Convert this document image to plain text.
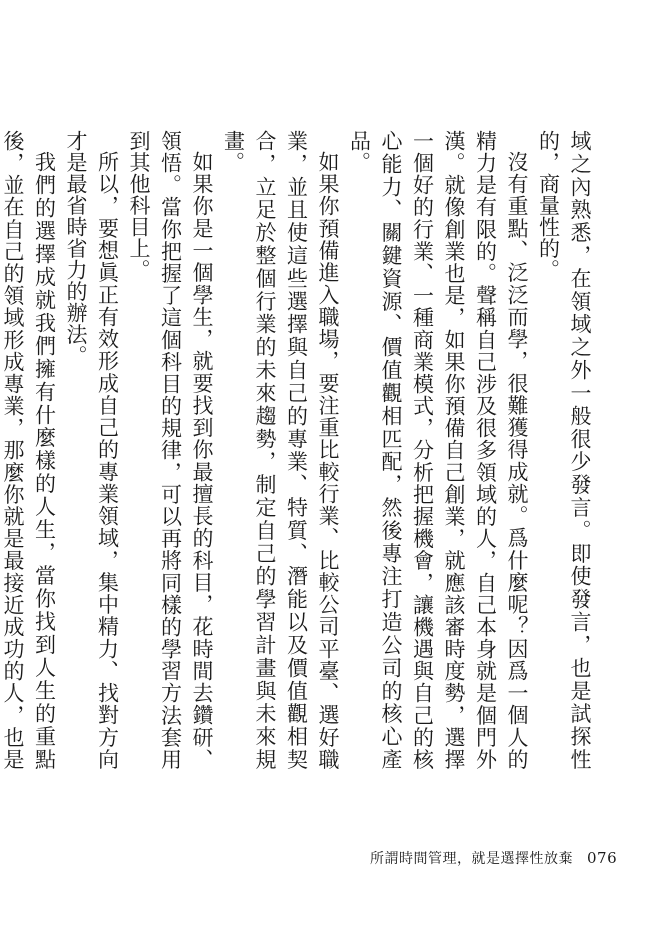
域之內熟悉，在領域之外一般很少發言。即使發言，也是試探性的，商量性的。

沒有重點、泛泛而學，很難獲得成就。爲什麼呢？因爲一個人的精力是有限的。聲稱自己涉及很多領域的人，自己本身就是個門外漢。就像創業也是，如果你預備自己創業，就應該審時度勢，選擇一個好的行業、一種商業模式，分析把握機會，讓機遇與自己的核心能力、關鍵資源、價值觀相匹配，然後專注打造公司的核心產品。

如果你預備進入職場，要注重比較行業、比較公司平臺、選好職業，並且使這些選擇與自己的專業、特質、潛能以及價值觀相契合，立足於整個行業的未來趨勢，制定自己的學習計畫與未來規畫。

如果你是一個學生，就要找到你最擅長的科目，花時間去鑽研、領悟。當你把握了這個科目的規律，可以再將同樣的學習方法套用到其他科目上。

所以，要想眞正有效形成自己的專業領域，集中精力、找對方向才是最省時省力的辦法。

我們的選擇成就我們擁有什麼樣的人生，當你找到人生的重點後，並在自己的領域形成專業，那麼你就是最接近成功的人，也是

所謂時間管理，就是選擇性放棄 076
